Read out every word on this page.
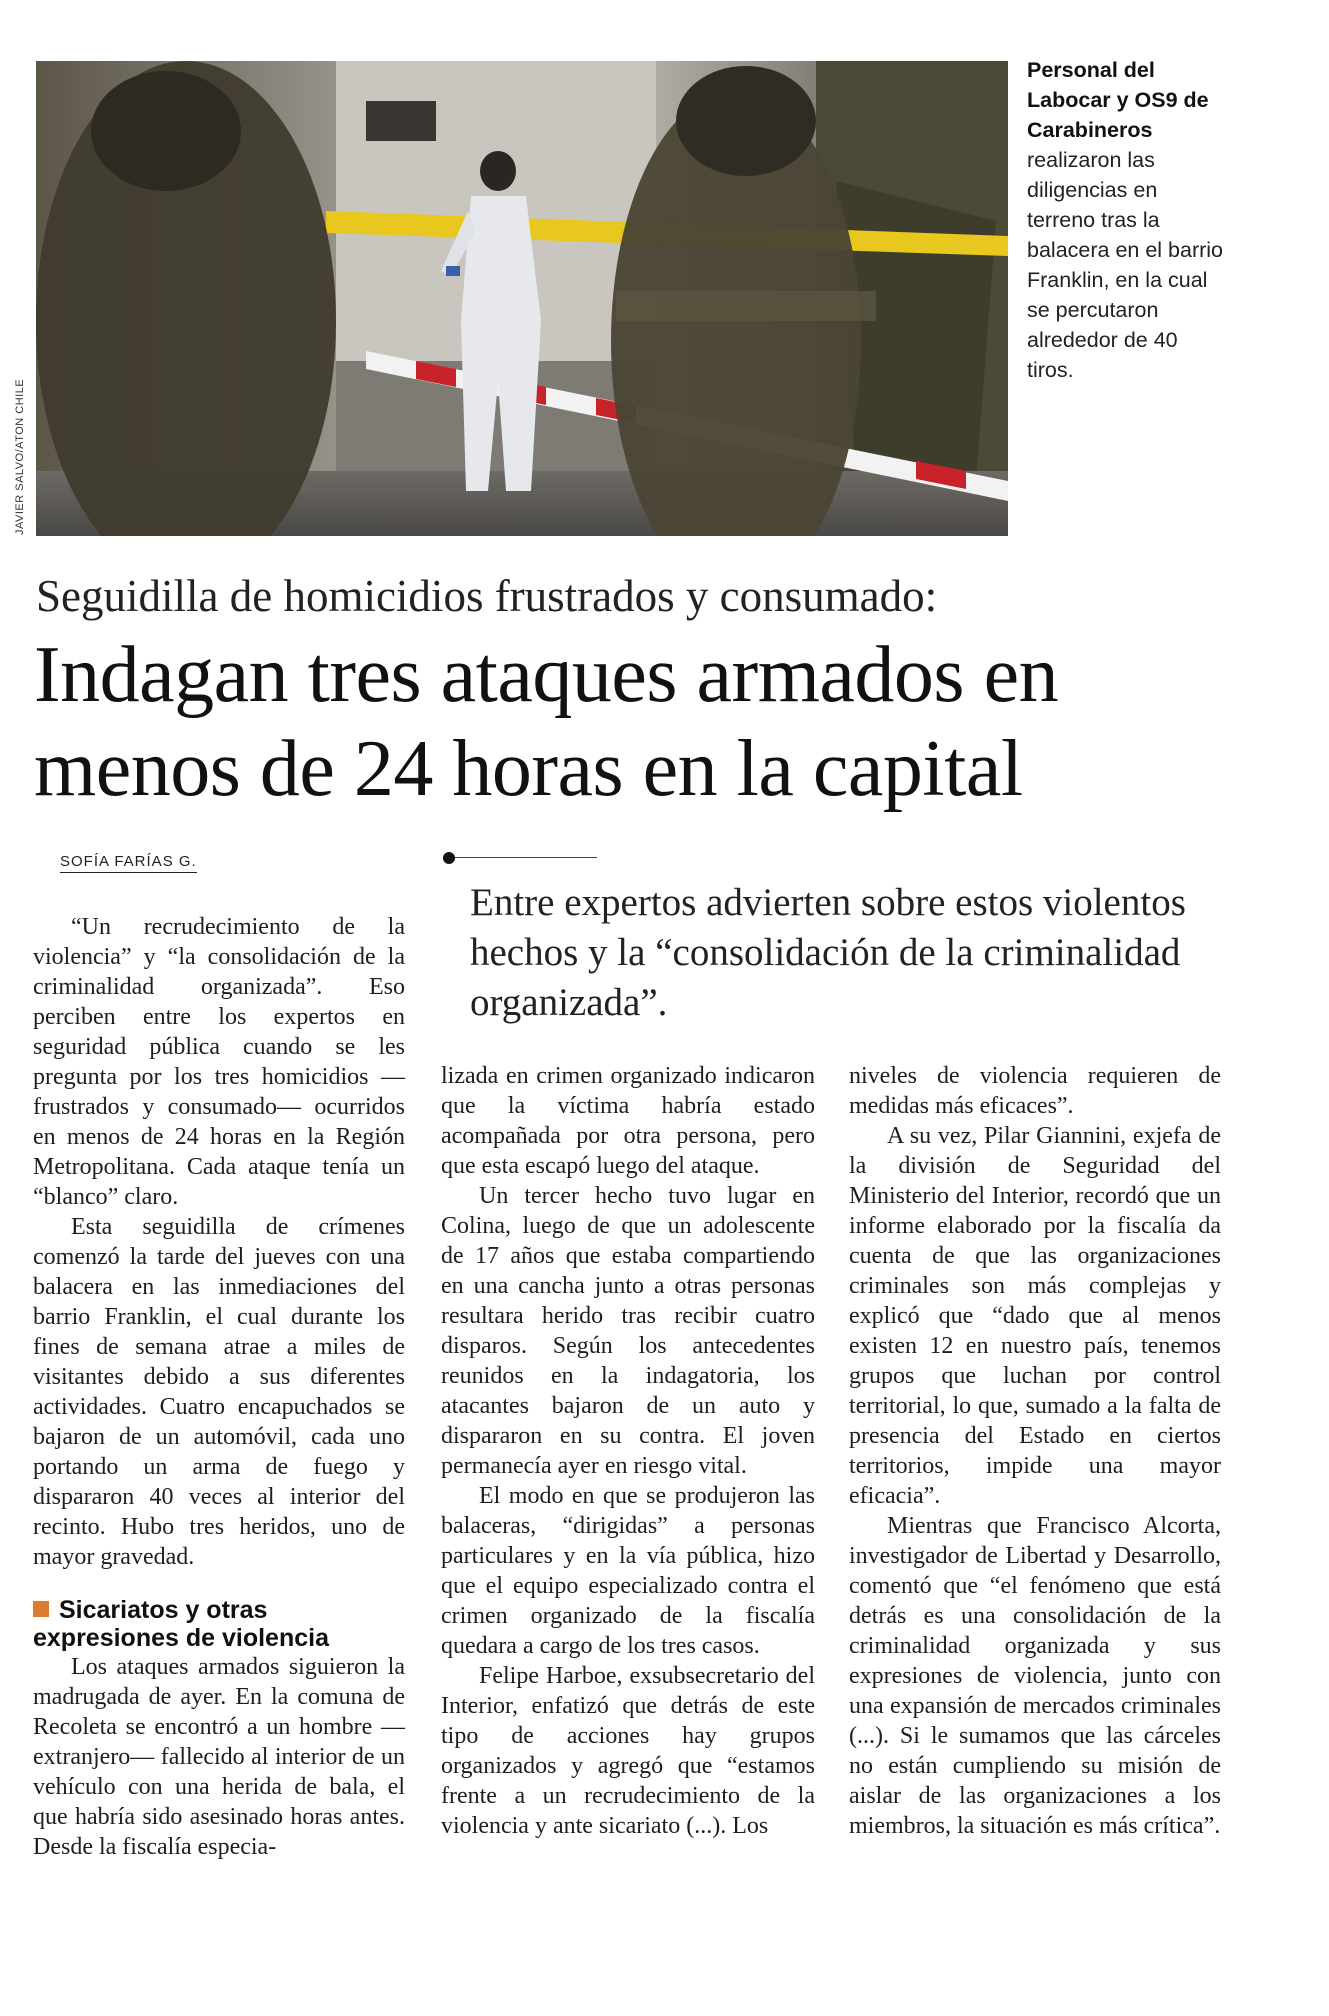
JAVIER SALVO/ATON CHILE
Personal del Labocar y OS9 de Carabineros realizaron las diligencias en terreno tras la balacera en el barrio Franklin, en la cual se percutaron alrededor de 40 tiros.
Seguidilla de homicidios frustrados y consumado:
Indagan tres ataques armados en menos de 24 horas en la capital
SOFÍA FARÍAS G.
Entre expertos advierten sobre estos violentos hechos y la “consolidación de la criminalidad organizada”.

“Un recrudecimiento de la violencia” y “la consolidación de la criminalidad organizada”. Eso perciben entre los expertos en seguridad pública cuando se les pregunta por los tres homicidios —frustrados y consumado— ocurridos en menos de 24 horas en la Región Metropolitana. Cada ataque tenía un “blanco” claro.

Esta seguidilla de crímenes comenzó la tarde del jueves con una balacera en las inmediaciones del barrio Franklin, el cual durante los fines de semana atrae a miles de visitantes debido a sus diferentes actividades. Cuatro encapuchados se bajaron de un automóvil, cada uno portando un arma de fuego y dispararon 40 veces al interior del recinto. Hubo tres heridos, uno de mayor gravedad.

Sicariatos y otras expresiones de violencia

Los ataques armados siguieron la madrugada de ayer. En la comuna de Recoleta se encontró a un hombre —extranjero— fallecido al interior de un vehículo con una herida de bala, el que habría sido asesinado horas antes. Desde la fiscalía especia-

lizada en crimen organizado indicaron que la víctima habría estado acompañada por otra persona, pero que esta escapó luego del ataque.

Un tercer hecho tuvo lugar en Colina, luego de que un adolescente de 17 años que estaba compartiendo en una cancha junto a otras personas resultara herido tras recibir cuatro disparos. Según los antecedentes reunidos en la indagatoria, los atacantes bajaron de un auto y dispararon en su contra. El joven permanecía ayer en riesgo vital.

El modo en que se produjeron las balaceras, “dirigidas” a personas particulares y en la vía pública, hizo que el equipo especializado contra el crimen organizado de la fiscalía quedara a cargo de los tres casos.

Felipe Harboe, exsubsecretario del Interior, enfatizó que detrás de este tipo de acciones hay grupos organizados y agregó que “estamos frente a un recrudecimiento de la violencia y ante sicariato (...). Los

niveles de violencia requieren de medidas más eficaces”.

A su vez, Pilar Giannini, exjefa de la división de Seguridad del Ministerio del Interior, recordó que un informe elaborado por la fiscalía da cuenta de que las organizaciones criminales son más complejas y explicó que “dado que al menos existen 12 en nuestro país, tenemos grupos que luchan por control territorial, lo que, sumado a la falta de presencia del Estado en ciertos territorios, impide una mayor eficacia”.

Mientras que Francisco Alcorta, investigador de Libertad y Desarrollo, comentó que “el fenómeno que está detrás es una consolidación de la criminalidad organizada y sus expresiones de violencia, junto con una expansión de mercados criminales (...). Si le sumamos que las cárceles no están cumpliendo su misión de aislar de las organizaciones a los miembros, la situación es más crítica”.
